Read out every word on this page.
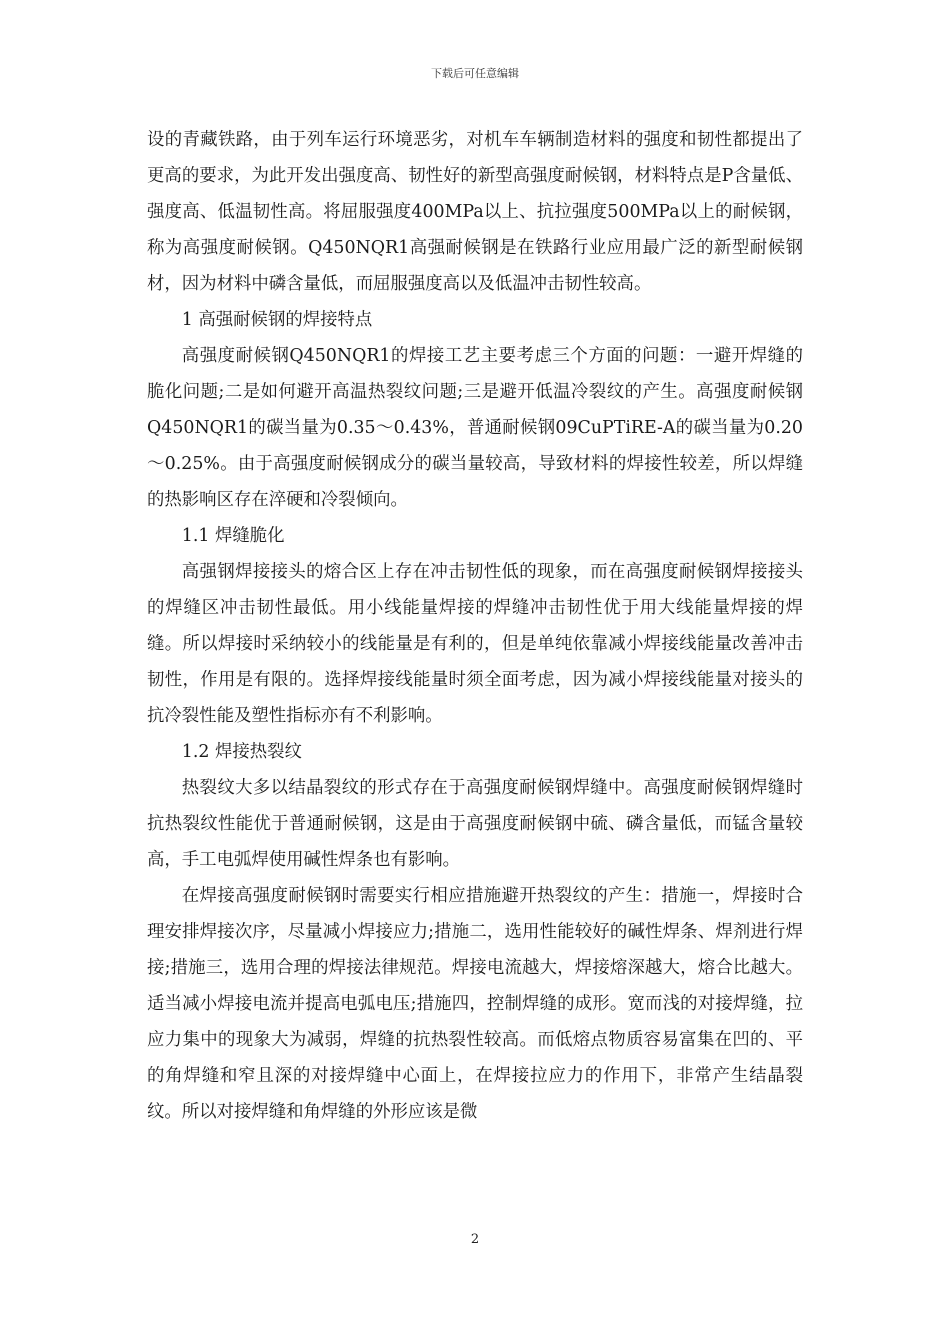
下载后可任意编辑

设的青藏铁路，由于列车运行环境恶劣，对机车车辆制造材料的强度和韧性都提出了更高的要求，为此开发出强度高、韧性好的新型高强度耐候钢，材料特点是P含量低、强度高、低温韧性高。将屈服强度400MPa以上、抗拉强度500MPa以上的耐候钢，称为高强度耐候钢。Q450NQR1高强耐候钢是在铁路行业应用最广泛的新型耐候钢材，因为材料中磷含量低，而屈服强度高以及低温冲击韧性较高。

1 高强耐候钢的焊接特点

高强度耐候钢Q450NQR1的焊接工艺主要考虑三个方面的问题：一避开焊缝的脆化问题;二是如何避开高温热裂纹问题;三是避开低温冷裂纹的产生。高强度耐候钢Q450NQR1的碳当量为0.35～0.43%，普通耐候钢09CuPTiRE-A的碳当量为0.20～0.25%。由于高强度耐候钢成分的碳当量较高，导致材料的焊接性较差，所以焊缝的热影响区存在淬硬和冷裂倾向。

1.1 焊缝脆化

高强钢焊接接头的熔合区上存在冲击韧性低的现象，而在高强度耐候钢焊接接头的焊缝区冲击韧性最低。用小线能量焊接的焊缝冲击韧性优于用大线能量焊接的焊缝。所以焊接时采纳较小的线能量是有利的，但是单纯依靠减小焊接线能量改善冲击韧性，作用是有限的。选择焊接线能量时须全面考虑，因为减小焊接线能量对接头的抗冷裂性能及塑性指标亦有不利影响。

1.2 焊接热裂纹

热裂纹大多以结晶裂纹的形式存在于高强度耐候钢焊缝中。高强度耐候钢焊缝时抗热裂纹性能优于普通耐候钢，这是由于高强度耐候钢中硫、磷含量低，而锰含量较高，手工电弧焊使用碱性焊条也有影响。

在焊接高强度耐候钢时需要实行相应措施避开热裂纹的产生：措施一，焊接时合理安排焊接次序，尽量减小焊接应力;措施二，选用性能较好的碱性焊条、焊剂进行焊接;措施三，选用合理的焊接法律规范。焊接电流越大，焊接熔深越大，熔合比越大。适当减小焊接电流并提高电弧电压;措施四，控制焊缝的成形。宽而浅的对接焊缝，拉应力集中的现象大为减弱，焊缝的抗热裂性较高。而低熔点物质容易富集在凹的、平的角焊缝和窄且深的对接焊缝中心面上，在焊接拉应力的作用下，非常产生结晶裂纹。所以对接焊缝和角焊缝的外形应该是微

2
